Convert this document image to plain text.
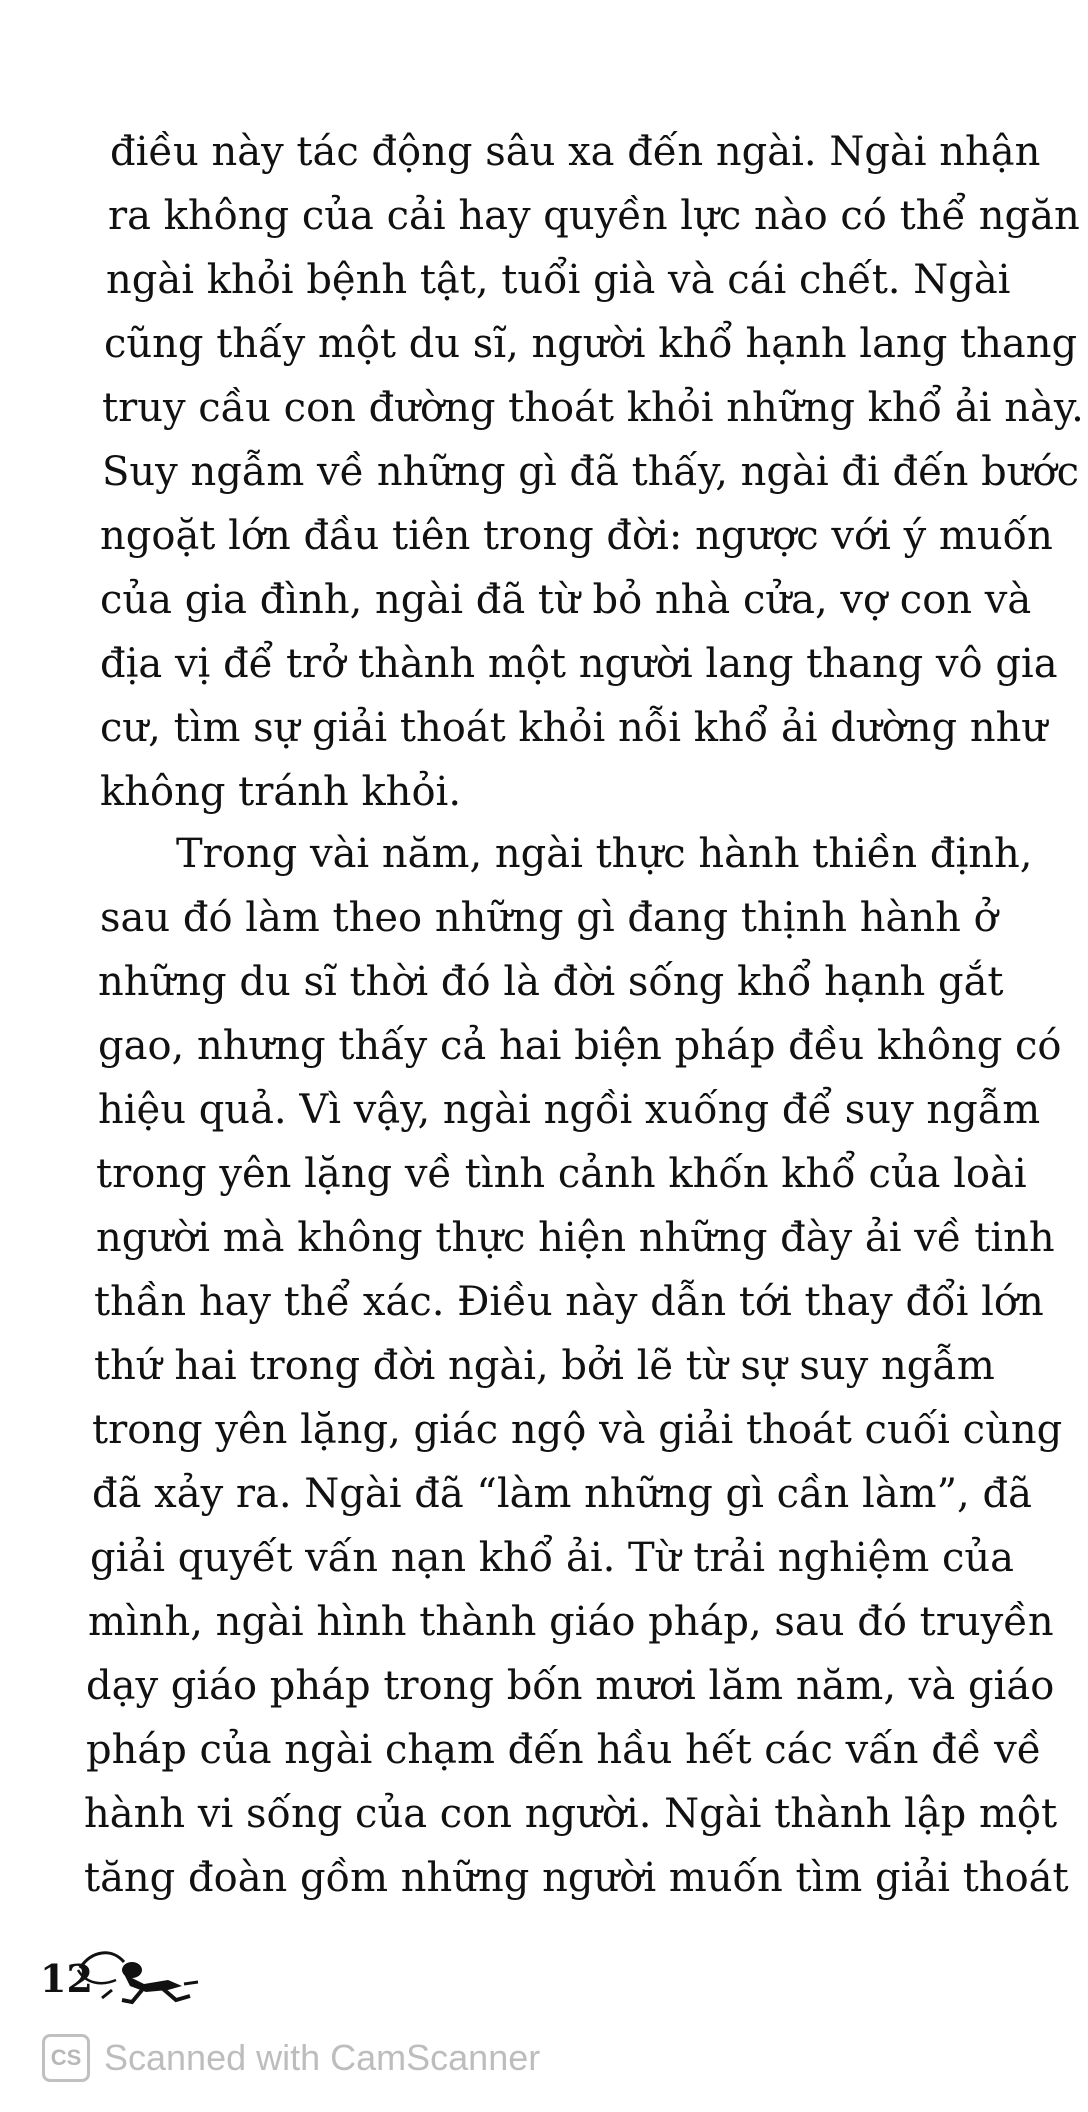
điều này tác động sâu xa đến ngài. Ngài nhận
ra không của cải hay quyền lực nào có thể ngăn
ngài khỏi bệnh tật, tuổi già và cái chết. Ngài
cũng thấy một du sĩ, người khổ hạnh lang thang
truy cầu con đường thoát khỏi những khổ ải này.
Suy ngẫm về những gì đã thấy, ngài đi đến bước
ngoặt lớn đầu tiên trong đời: ngược với ý muốn
của gia đình, ngài đã từ bỏ nhà cửa, vợ con và
địa vị để trở thành một người lang thang vô gia
cư, tìm sự giải thoát khỏi nỗi khổ ải dường như
không tránh khỏi.
Trong vài năm, ngài thực hành thiền định,
sau đó làm theo những gì đang thịnh hành ở
những du sĩ thời đó là đời sống khổ hạnh gắt
gao, nhưng thấy cả hai biện pháp đều không có
hiệu quả. Vì vậy, ngài ngồi xuống để suy ngẫm
trong yên lặng về tình cảnh khốn khổ của loài
người mà không thực hiện những đày ải về tinh
thần hay thể xác. Điều này dẫn tới thay đổi lớn
thứ hai trong đời ngài, bởi lẽ từ sự suy ngẫm
trong yên lặng, giác ngộ và giải thoát cuối cùng
đã xảy ra. Ngài đã “làm những gì cần làm”, đã
giải quyết vấn nạn khổ ải. Từ trải nghiệm của
mình, ngài hình thành giáo pháp, sau đó truyền
dạy giáo pháp trong bốn mươi lăm năm, và giáo
pháp của ngài chạm đến hầu hết các vấn đề về
hành vi sống của con người. Ngài thành lập một
tăng đoàn gồm những người muốn tìm giải thoát
12
CS Scanned with CamScanner
